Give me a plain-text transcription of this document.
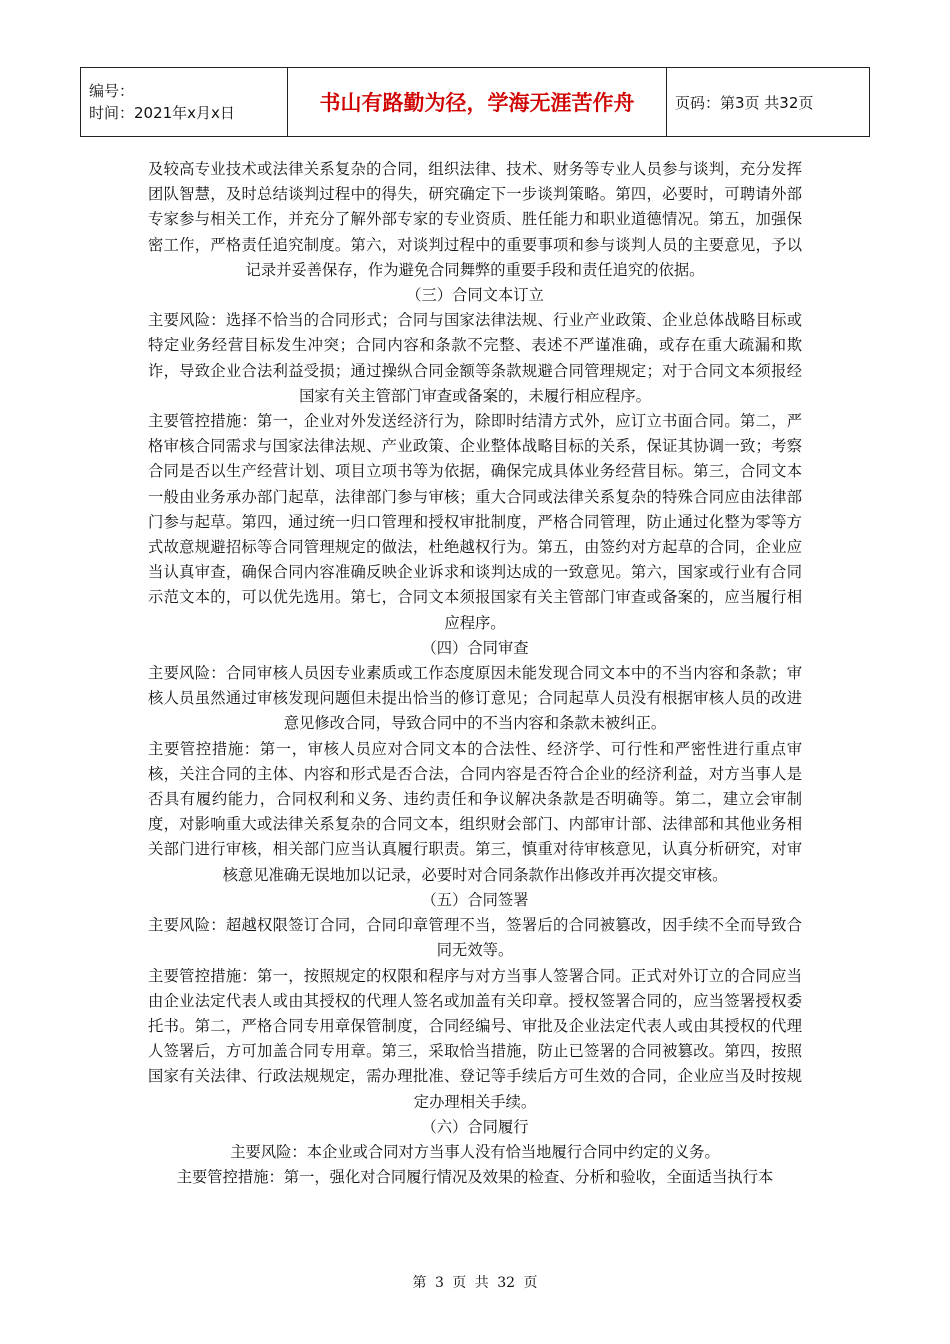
编号：
时间：2021年x月x日	书山有路勤为径，学海无涯苦作舟	页码：第3页 共32页

及较高专业技术或法律关系复杂的合同，组织法律、技术、财务等专业人员参与谈判，充分发挥团队智慧，及时总结谈判过程中的得失，研究确定下一步谈判策略。第四，必要时，可聘请外部专家参与相关工作，并充分了解外部专家的专业资质、胜任能力和职业道德情况。第五，加强保密工作，严格责任追究制度。第六，对谈判过程中的重要事项和参与谈判人员的主要意见，予以记录并妥善保存，作为避免合同舞弊的重要手段和责任追究的依据。

（三）合同文本订立

主要风险：选择不恰当的合同形式；合同与国家法律法规、行业产业政策、企业总体战略目标或特定业务经营目标发生冲突；合同内容和条款不完整、表述不严谨准确，或存在重大疏漏和欺诈，导致企业合法利益受损；通过操纵合同金额等条款规避合同管理规定；对于合同文本须报经国家有关主管部门审查或备案的，未履行相应程序。

主要管控措施：第一，企业对外发送经济行为，除即时结清方式外，应订立书面合同。第二，严格审核合同需求与国家法律法规、产业政策、企业整体战略目标的关系，保证其协调一致；考察合同是否以生产经营计划、项目立项书等为依据，确保完成具体业务经营目标。第三，合同文本一般由业务承办部门起草，法律部门参与审核；重大合同或法律关系复杂的特殊合同应由法律部门参与起草。第四，通过统一归口管理和授权审批制度，严格合同管理，防止通过化整为零等方式故意规避招标等合同管理规定的做法，杜绝越权行为。第五，由签约对方起草的合同，企业应当认真审查，确保合同内容准确反映企业诉求和谈判达成的一致意见。第六，国家或行业有合同示范文本的，可以优先选用。第七，合同文本须报国家有关主管部门审查或备案的，应当履行相应程序。

（四）合同审查

主要风险：合同审核人员因专业素质或工作态度原因未能发现合同文本中的不当内容和条款；审核人员虽然通过审核发现问题但未提出恰当的修订意见；合同起草人员没有根据审核人员的改进意见修改合同，导致合同中的不当内容和条款未被纠正。

主要管控措施：第一，审核人员应对合同文本的合法性、经济学、可行性和严密性进行重点审核，关注合同的主体、内容和形式是否合法，合同内容是否符合企业的经济利益，对方当事人是否具有履约能力，合同权利和义务、违约责任和争议解决条款是否明确等。第二，建立会审制度，对影响重大或法律关系复杂的合同文本，组织财会部门、内部审计部、法律部和其他业务相关部门进行审核，相关部门应当认真履行职责。第三，慎重对待审核意见，认真分析研究，对审核意见准确无误地加以记录，必要时对合同条款作出修改并再次提交审核。

（五）合同签署

主要风险：超越权限签订合同，合同印章管理不当，签署后的合同被篡改，因手续不全而导致合同无效等。

主要管控措施：第一，按照规定的权限和程序与对方当事人签署合同。正式对外订立的合同应当由企业法定代表人或由其授权的代理人签名或加盖有关印章。授权签署合同的，应当签署授权委托书。第二，严格合同专用章保管制度，合同经编号、审批及企业法定代表人或由其授权的代理人签署后，方可加盖合同专用章。第三，采取恰当措施，防止已签署的合同被篡改。第四，按照国家有关法律、行政法规规定，需办理批准、登记等手续后方可生效的合同，企业应当及时按规定办理相关手续。

（六）合同履行

主要风险：本企业或合同对方当事人没有恰当地履行合同中约定的义务。

主要管控措施：第一，强化对合同履行情况及效果的检查、分析和验收，全面适当执行本

第 3 页 共 32 页
